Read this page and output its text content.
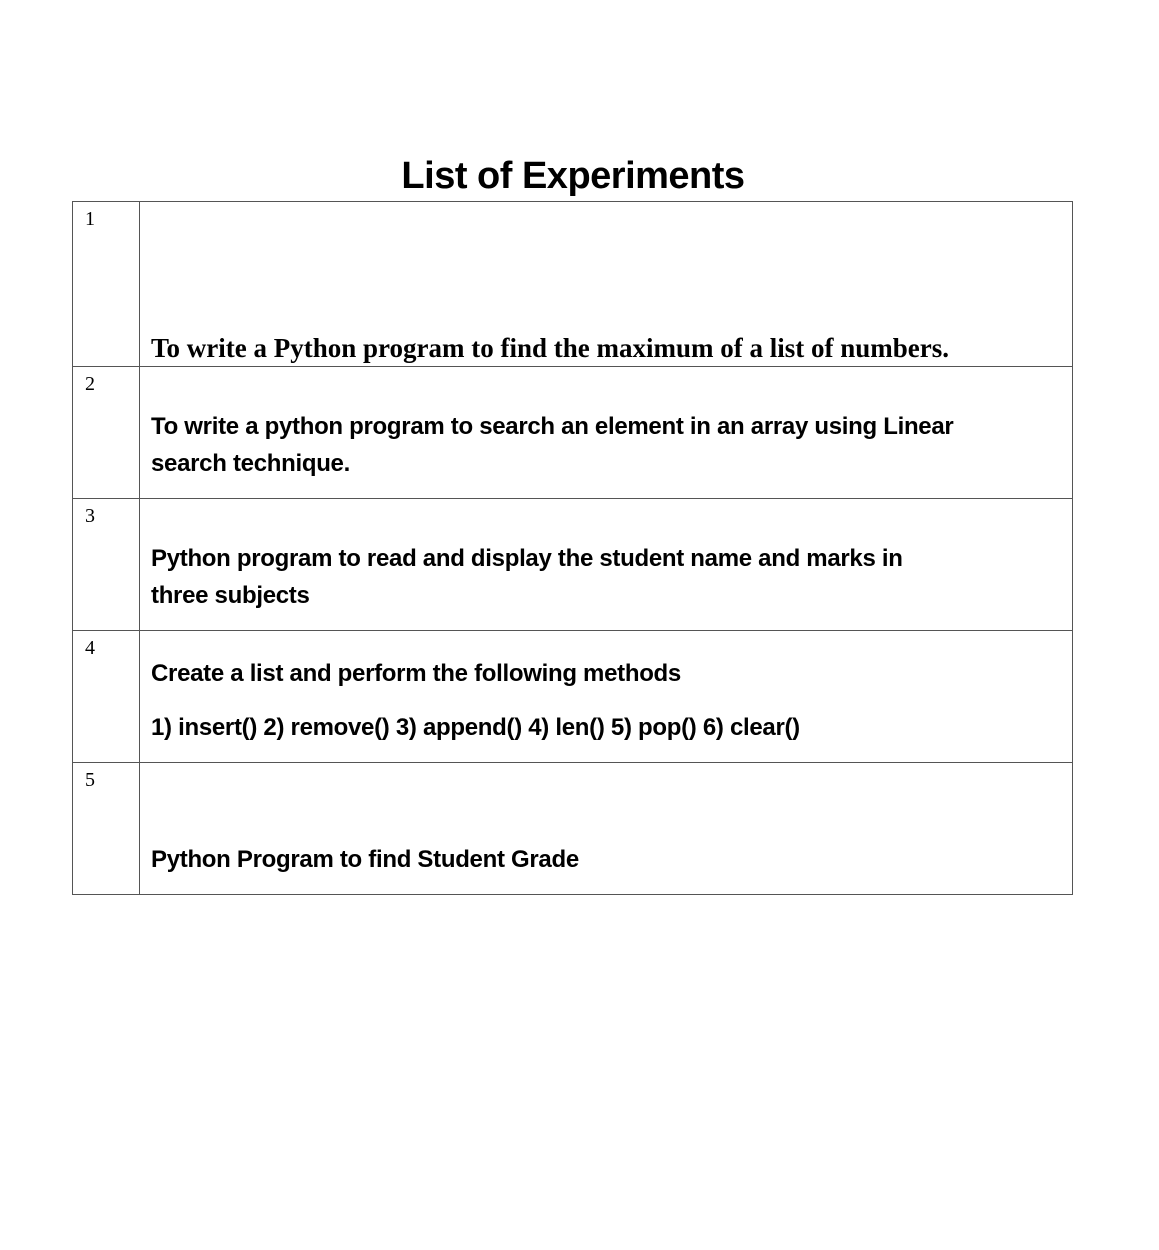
List of Experiments
1	To write a Python program to find the maximum of a list of numbers.

2	To write a python program to search an element in an array using Linear
search technique.

3	Python program to read and display the student name and marks in
three subjects

4	Create a list and perform the following methods
1) insert() 2) remove() 3) append() 4) len() 5) pop() 6) clear()

5	Python Program to find Student Grade
